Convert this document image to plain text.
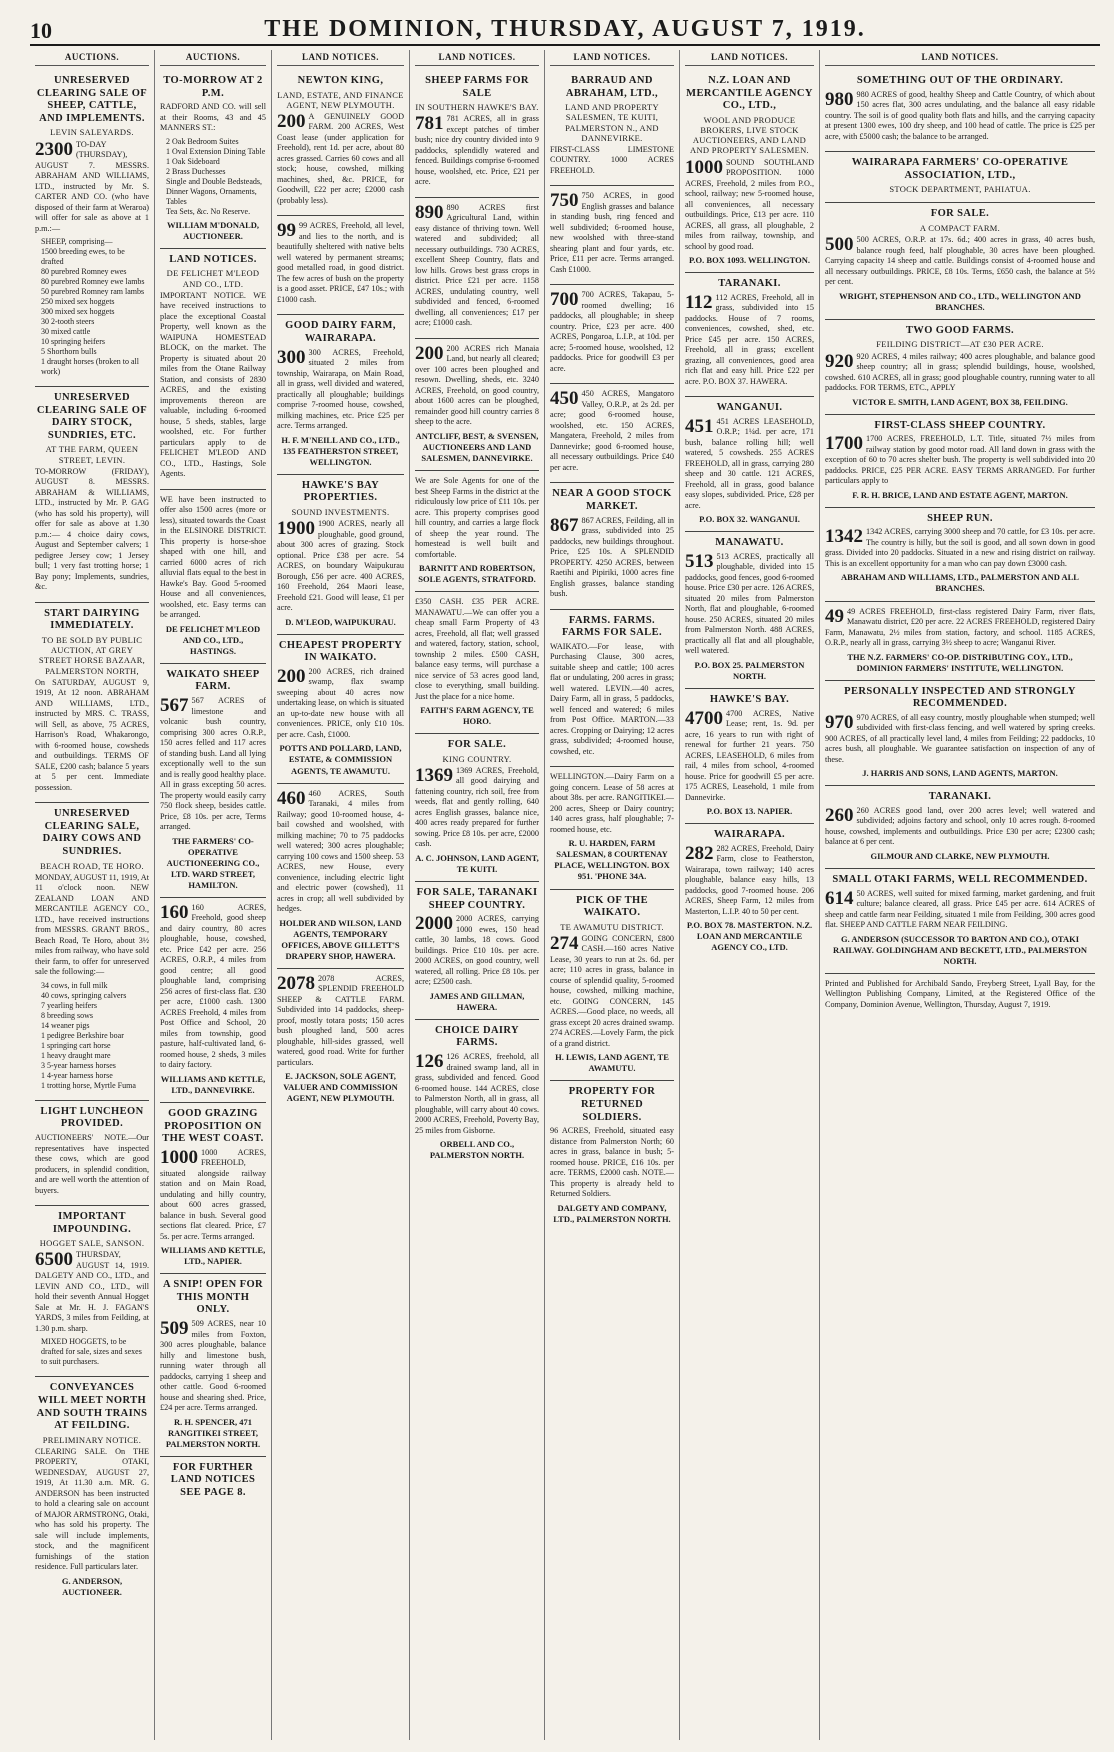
10	THE DOMINION, THURSDAY, AUGUST 7, 1919.
AUCTIONS.
UNRESERVED CLEARING SALE OF SHEEP, CATTLE, AND IMPLEMENTS.
LEVIN SALEYARDS.

2300 TO-DAY (THURSDAY), AUGUST 7. MESSRS. ABRAHAM AND WILLIAMS, LTD., instructed by Mr. S. CARTER AND CO. (who have disposed of their farm at Weraroa) will offer for sale as above at 1 p.m.:—

SHEEP, comprising—
1500 breeding ewes, to be drafted
80 purebred Romney ewes
80 purebred Romney ewe lambs
50 purebred Romney ram lambs
250 mixed sex hoggets
300 mixed sex hoggets
30 2-tooth steers
30 mixed cattle
10 springing heifers
5 Shorthorn bulls
1 draught horses (broken to all work)
UNRESERVED CLEARING SALE OF DAIRY STOCK, SUNDRIES, ETC.
AT THE FARM, QUEEN STREET, LEVIN.

TO-MORROW (FRIDAY), AUGUST 8. MESSRS. ABRAHAM & WILLIAMS, LTD., instructed by Mr. P. GAG (who has sold his property), will offer for sale as above at 1.30 p.m.:— 4 choice dairy cows, August and September calvers; 1 pedigree Jersey cow; 1 Jersey bull; 1 very fast trotting horse; 1 Bay pony; Implements, sundries, &c.

START DAIRYING IMMEDIATELY.
TO BE SOLD BY PUBLIC AUCTION, AT GREY STREET HORSE BAZAAR, PALMERSTON NORTH,

On SATURDAY, AUGUST 9, 1919, At 12 noon. ABRAHAM AND WILLIAMS, LTD., instructed by MRS. C. TRASS, will Sell, as above, 75 ACRES, Harrison's Road, Whakarongo, with 6-roomed house, cowsheds and outbuildings. TERMS OF SALE, £200 cash; balance 5 years at 5 per cent. Immediate possession.

UNRESERVED CLEARING SALE, DAIRY COWS AND SUNDRIES.
BEACH ROAD, TE HORO.

MONDAY, AUGUST 11, 1919, At 11 o'clock noon. NEW ZEALAND LOAN AND MERCANTILE AGENCY CO., LTD., have received instructions from MESSRS. GRANT BROS., Beach Road, Te Horo, about 3½ miles from railway, who have sold their farm, to offer for unreserved sale the following:—

34 cows, in full milk
40 cows, springing calvers
7 yearling heifers
8 breeding sows
14 weaner pigs
1 pedigree Berkshire boar
1 springing cart horse
1 heavy draught mare
3 5-year harness horses
1 4-year harness horse
1 trotting horse, Myrtle Fuma
LIGHT LUNCHEON PROVIDED.

AUCTIONEERS' NOTE.—Our representatives have inspected these cows, which are good producers, in splendid condition, and are well worth the attention of buyers.

IMPORTANT IMPOUNDING.
HOGGET SALE, SANSON.

6500 THURSDAY, AUGUST 14, 1919. DALGETY AND CO., LTD., and LEVIN AND CO., LTD., will hold their seventh Annual Hogget Sale at Mr. H. J. FAGAN'S YARDS, 3 miles from Feilding, at 1.30 p.m. sharp.

MIXED HOGGETS, to be drafted for sale, sizes and sexes to suit purchasers.
CONVEYANCES WILL MEET NORTH AND SOUTH TRAINS AT FEILDING.
PRELIMINARY NOTICE.

CLEARING SALE. On THE PROPERTY, OTAKI, WEDNESDAY, AUGUST 27, 1919, At 11.30 a.m. MR. G. ANDERSON has been instructed to hold a clearing sale on account of MAJOR ARMSTRONG, Otaki, who has sold his property. The sale will include implements, stock, and the magnificent furnishings of the station residence. Full particulars later.

G. ANDERSON, AUCTIONEER.
AUCTIONS.
TO-MORROW AT 2 P.M.

RADFORD AND CO. will sell at their Rooms, 43 and 45 MANNERS ST.:

2 Oak Bedroom Suites
1 Oval Extension Dining Table
1 Oak Sideboard
2 Brass Duchesses
Single and Double Bedsteads, Dinner Wagons, Ornaments, Tables
Tea Sets, &c. No Reserve.
WILLIAM M'DONALD, AUCTIONEER.
LAND NOTICES.
DE FELICHET M'LEOD AND CO., LTD.

IMPORTANT NOTICE. WE have received instructions to place the exceptional Coastal Property, well known as the WAIPUNA HOMESTEAD BLOCK, on the market. The Property is situated about 20 miles from the Otane Railway Station, and consists of 2830 ACRES, and the existing improvements thereon are valuable, including 6-roomed house, 5 sheds, stables, large woolshed, etc. For further particulars apply to de FELICHET M'LEOD AND CO., LTD., Hastings, Sole Agents.

WE have been instructed to offer also 1500 acres (more or less), situated towards the Coast in the ELSINORE DISTRICT. This property is horse-shoe shaped with one hill, and carried 6000 acres of rich alluvial flats equal to the best in Hawke's Bay. Good 5-roomed House and all conveniences, woolshed, etc. Easy terms can be arranged.

DE FELICHET M'LEOD AND CO., LTD., HASTINGS.
WAIKATO SHEEP FARM.

567 567 ACRES of limestone and volcanic bush country, comprising 300 acres O.R.P., 150 acres felled and 117 acres of standing bush. Land all lying exceptionally well to the sun and is really good healthy place. All in grass excepting 50 acres. The property would easily carry 750 flock sheep, besides cattle. Price, £8 10s. per acre, Terms arranged.

THE FARMERS' CO-OPERATIVE AUCTIONEERING CO., LTD. WARD STREET, HAMILTON.

160 160 ACRES, Freehold, good sheep and dairy country, 80 acres ploughable, house, cowshed, etc. Price £42 per acre. 256 ACRES, O.R.P., 4 miles from good centre; all good ploughable land, comprising 256 acres of first-class flat. £30 per acre, £1000 cash. 1300 ACRES Freehold, 4 miles from Post Office and School, 20 miles from township, good pasture, half-cultivated land, 6-roomed house, 2 sheds, 3 miles to dairy factory.

WILLIAMS AND KETTLE, LTD., DANNEVIRKE.
GOOD GRAZING PROPOSITION ON THE WEST COAST.

1000 1000 ACRES, FREEHOLD, situated alongside railway station and on Main Road, undulating and hilly country, about 600 acres grassed, balance in bush. Several good sections flat cleared. Price, £7 5s. per acre. Terms arranged.

WILLIAMS AND KETTLE, LTD., NAPIER.
A SNIP! OPEN FOR THIS MONTH ONLY.

509 509 ACRES, near 10 miles from Foxton, 300 acres ploughable, balance hilly and limestone bush, running water through all paddocks, carrying 1 sheep and other cattle. Good 6-roomed house and shearing shed. Price, £24 per acre. Terms arranged.

R. H. SPENCER, 471 RANGITIKEI STREET, PALMERSTON NORTH.
FOR FURTHER LAND NOTICES SEE PAGE 8.
LAND NOTICES.
NEWTON KING,
LAND, ESTATE, AND FINANCE AGENT, NEW PLYMOUTH.

200 A GENUINELY GOOD FARM. 200 ACRES, West Coast lease (under application for Freehold), rent 1d. per acre, about 80 acres grassed. Carries 60 cows and all stock; house, cowshed, milking machines, shed, &c. PRICE, for Goodwill, £22 per acre; £2000 cash (probably less).

99 99 ACRES, Freehold, all level, and lies to the north, and is beautifully sheltered with native belts well watered by permanent streams; good metalled road, in good district. The few acres of bush on the property is a good asset. PRICE, £47 10s.; with £1000 cash.

GOOD DAIRY FARM, WAIRARAPA.

300 300 ACRES, Freehold, situated 2 miles from township, Wairarapa, on Main Road, all in grass, well divided and watered, practically all ploughable; buildings comprise 7-roomed house, cowshed, milking machines, etc. Price £25 per acre. Terms arranged.

H. F. M'NEILL AND CO., LTD., 135 FEATHERSTON STREET, WELLINGTON.
HAWKE'S BAY PROPERTIES.
SOUND INVESTMENTS.

1900 1900 ACRES, nearly all ploughable, good ground, about 300 acres of grazing. Stock optional. Price £38 per acre. 54 ACRES, on boundary Waipukurau Borough, £56 per acre. 400 ACRES, 160 Freehold, 264 Maori lease, Freehold £21. Good will lease, £1 per acre.

D. M'LEOD, WAIPUKURAU.
CHEAPEST PROPERTY IN WAIKATO.

200 200 ACRES, rich drained swamp, flax swamp sweeping about 40 acres now undertaking lease, on which is situated an up-to-date new house with all conveniences. PRICE, only £10 10s. per acre. Cash, £1000.

POTTS AND POLLARD, LAND, ESTATE, & COMMISSION AGENTS, TE AWAMUTU.

460 460 ACRES, South Taranaki, 4 miles from Railway; good 10-roomed house, 4-bail cowshed and woolshed, with milking machine; 70 to 75 paddocks well watered; 300 acres ploughable; carrying 100 cows and 1500 sheep. 53 ACRES, new House, every convenience, including electric light and electric power (cowshed), 11 acres in crop; all well subdivided by hedges.

HOLDER AND WILSON, LAND AGENTS, TEMPORARY OFFICES, ABOVE GILLETT'S DRAPERY SHOP, HAWERA.

2078 2078 ACRES, SPLENDID FREEHOLD SHEEP & CATTLE FARM. Subdivided into 14 paddocks, sheep-proof, mostly totara posts; 150 acres bush ploughed land, 500 acres ploughable, hill-sides grassed, well watered, good road. Write for further particulars.

E. JACKSON, SOLE AGENT, VALUER AND COMMISSION AGENT, NEW PLYMOUTH.
LAND NOTICES.
SHEEP FARMS FOR SALE
IN SOUTHERN HAWKE'S BAY.

781 781 ACRES, all in grass except patches of timber bush; nice dry country divided into 9 paddocks, splendidly watered and fenced. Buildings comprise 6-roomed house, woolshed, etc. Price, £21 per acre.

890 890 ACRES first Agricultural Land, within easy distance of thriving town. Well watered and subdivided; all necessary outbuildings. 730 ACRES, excellent Sheep Country, flats and low hills. Grows best grass crops in district. Price £21 per acre. 1158 ACRES, undulating country, well subdivided and fenced, 6-roomed dwelling, all conveniences; £17 per acre; £1000 cash.

200 200 ACRES rich Manaia Land, but nearly all cleared; over 100 acres been ploughed and resown. Dwelling, sheds, etc. 3240 ACRES, Freehold, on good country, about 1600 acres can be ploughed, remainder good hill country carries 8 sheep to the acre.

ANTCLIFF, BEST, & SVENSEN, AUCTIONEERS AND LAND SALESMEN, DANNEVIRKE.

We are Sole Agents for one of the best Sheep Farms in the district at the ridiculously low price of £11 10s. per acre. This property comprises good hill country, and carries a large flock of sheep the year round. The homestead is well built and comfortable.

BARNITT AND ROBERTSON, SOLE AGENTS, STRATFORD.

£350 CASH. £35 PER ACRE. MANAWATU.—We can offer you a cheap small Farm Property of 43 acres, Freehold, all flat; well grassed and watered, factory, station, school, township 2 miles. £500 CASH, balance easy terms, will purchase a nice service of 53 acres good land, close to everything, small building. Just the place for a nice home.

FAITH'S FARM AGENCY, TE HORO.
FOR SALE.
KING COUNTRY.

1369 1369 ACRES, Freehold, all good dairying and fattening country, rich soil, free from weeds, flat and gently rolling, 640 acres English grasses, balance nice, 400 acres ready prepared for further sowing. Price £8 10s. per acre, £2000 cash.

A. C. JOHNSON, LAND AGENT, TE KUITI.
FOR SALE, TARANAKI SHEEP COUNTRY.

2000 2000 ACRES, carrying 1000 ewes, 150 head cattle, 30 lambs, 18 cows. Good buildings. Price £10 10s. per acre. 2000 ACRES, on good country, well watered, all rolling. Price £8 10s. per acre; £2500 cash.

JAMES AND GILLMAN, HAWERA.
CHOICE DAIRY FARMS.

126 126 ACRES, freehold, all drained swamp land, all in grass, subdivided and fenced. Good 6-roomed house. 144 ACRES, close to Palmerston North, all in grass, all ploughable, will carry about 40 cows. 2000 ACRES, Freehold, Poverty Bay, 25 miles from Gisborne.

ORBELL AND CO., PALMERSTON NORTH.
LAND NOTICES.
BARRAUD AND ABRAHAM, LTD.,
LAND AND PROPERTY SALESMEN, TE KUITI, PALMERSTON N., AND DANNEVIRKE.

FIRST-CLASS LIMESTONE COUNTRY. 1000 ACRES FREEHOLD.

750 750 ACRES, in good English grasses and balance in standing bush, ring fenced and well subdivided; 6-roomed house, new woolshed with three-stand shearing plant and four yards, etc. Price, £11 per acre. Terms arranged. Cash £1000.

700 700 ACRES, Takapau, 5-roomed dwelling; 16 paddocks, all ploughable; in sheep country. Price, £23 per acre. 400 ACRES, Pongaroa, L.I.P., at 10d. per acre; 5-roomed house, woolshed, 12 paddocks. Price for goodwill £3 per acre.

450 450 ACRES, Mangatoro Valley, O.R.P., at 2s 2d. per acre; good 6-roomed house, woolshed, etc. 150 ACRES, Mangatera, Freehold, 2 miles from Dannevirke; good 6-roomed house, all necessary outbuildings. Price £40 per acre.

NEAR A GOOD STOCK MARKET.

867 867 ACRES, Feilding, all in grass, subdivided into 25 paddocks, new buildings throughout. Price, £25 10s. A SPLENDID PROPERTY. 4250 ACRES, between Raetihi and Pipiriki, 1000 acres fine English grasses, balance standing bush.

FARMS. FARMS. FARMS FOR SALE.

WAIKATO.—For lease, with Purchasing Clause, 300 acres, suitable sheep and cattle; 100 acres flat or undulating, 200 acres in grass; well watered. LEVIN.—40 acres, Dairy Farm, all in grass, 5 paddocks, well fenced and watered; 6 miles from Post Office. MARTON.—33 acres. Cropping or Dairying; 12 acres grass, subdivided; 4-roomed house, cowshed, etc.

WELLINGTON.—Dairy Farm on a going concern. Lease of 58 acres at about 38s. per acre. RANGITIKEI.—200 acres, Sheep or Dairy country; 140 acres grass, half ploughable; 7-roomed house, etc.

R. U. HARDEN, FARM SALESMAN, 8 COURTENAY PLACE, WELLINGTON. BOX 951. 'PHONE 34A.
PICK OF THE WAIKATO.
TE AWAMUTU DISTRICT.

274 GOING CONCERN, £800 CASH.—160 acres Native Lease, 30 years to run at 2s. 6d. per acre; 110 acres in grass, balance in course of splendid quality, 5-roomed house, cowshed, milking machine, etc. GOING CONCERN, 145 ACRES.—Good place, no weeds, all grass except 20 acres drained swamp. 274 ACRES.—Lovely Farm, the pick of a grand district.

H. LEWIS, LAND AGENT, TE AWAMUTU.
PROPERTY FOR RETURNED SOLDIERS.

96 ACRES, Freehold, situated easy distance from Palmerston North; 60 acres in grass, balance in bush; 5-roomed house. PRICE, £16 10s. per acre. TERMS, £2000 cash. NOTE.—This property is already held to Returned Soldiers.

DALGETY AND COMPANY, LTD., PALMERSTON NORTH.
LAND NOTICES.
N.Z. LOAN AND MERCANTILE AGENCY CO., LTD.,
WOOL AND PRODUCE BROKERS, LIVE STOCK AUCTIONEERS, AND LAND AND PROPERTY SALESMEN.

1000 SOUND SOUTHLAND PROPOSITION. 1000 ACRES, Freehold, 2 miles from P.O., school, railway; new 5-roomed house, all conveniences, all necessary outbuildings. Price, £13 per acre. 110 ACRES, all grass, all ploughable, 2 miles from railway, township, and school by good road.

P.O. BOX 1093. WELLINGTON.
TARANAKI.

112 112 ACRES, Freehold, all in grass, subdivided into 15 paddocks. House of 7 rooms, conveniences, cowshed, shed, etc. Price £45 per acre. 150 ACRES, Freehold, all in grass; excellent grazing, all conveniences, good area rich flat and easy hill. Price £22 per acre. P.O. BOX 37. HAWERA.

WANGANUI.

451 451 ACRES LEASEHOLD, O.R.P.; 1¼d. per acre, 171 bush, balance rolling hill; well watered, 5 cowsheds. 255 ACRES FREEHOLD, all in grass, carrying 280 sheep and 30 cattle. 121 ACRES, Freehold, all in grass, good balance easy slopes, subdivided. Price, £28 per acre.

P.O. BOX 32. WANGANUI.
MANAWATU.

513 513 ACRES, practically all ploughable, divided into 15 paddocks, good fences, good 6-roomed house. Price £30 per acre. 126 ACRES, situated 20 miles from Palmerston North, flat and ploughable, 6-roomed house. 250 ACRES, situated 20 miles from Palmerston North. 488 ACRES, practically all flat and all ploughable, well watered.

P.O. BOX 25. PALMERSTON NORTH.
HAWKE'S BAY.

4700 4700 ACRES, Native Lease; rent, 1s. 9d. per acre, 16 years to run with right of renewal for further 21 years. 750 ACRES, LEASEHOLD, 6 miles from rail, 4 miles from school, 4-roomed house. Price for goodwill £5 per acre. 175 ACRES, Leasehold, 1 mile from Dannevirke.

P.O. BOX 13. NAPIER.
WAIRARAPA.

282 282 ACRES, Freehold, Dairy Farm, close to Featherston, Wairarapa, town railway; 140 acres ploughable, balance easy hills, 13 paddocks, good 7-roomed house. 206 ACRES, Sheep Farm, 12 miles from Masterton, L.I.P. 40 to 50 per cent.

P.O. BOX 78. MASTERTON. N.Z. LOAN AND MERCANTILE AGENCY CO., LTD.
LAND NOTICES.
SOMETHING OUT OF THE ORDINARY.

980 980 ACRES of good, healthy Sheep and Cattle Country, of which about 150 acres flat, 300 acres undulating, and the balance all easy ridable country. The soil is of good quality both flats and hills, and the carrying capacity at present 1300 ewes, 100 dry sheep, and 100 head of cattle. The price is £25 per acre, with £5000 cash; the balance to be arranged.

WAIRARAPA FARMERS' CO-OPERATIVE ASSOCIATION, LTD.,
STOCK DEPARTMENT, PAHIATUA.
FOR SALE.
A COMPACT FARM.

500 500 ACRES, O.R.P. at 17s. 6d.; 400 acres in grass, 40 acres bush, balance rough feed, half ploughable, 30 acres have been ploughed. Carrying capacity 14 sheep and cattle. Buildings consist of 4-roomed house and all necessary outbuildings. PRICE, £8 10s. Terms, £650 cash, the balance at 5½ per cent.

WRIGHT, STEPHENSON AND CO., LTD., WELLINGTON AND BRANCHES.
TWO GOOD FARMS.
FEILDING DISTRICT—AT £30 PER ACRE.

920 920 ACRES, 4 miles railway; 400 acres ploughable, and balance good sheep country; all in grass; splendid buildings, house, woolshed, cowshed. 610 ACRES, all in grass; good ploughable country, running water to all paddocks. FOR TERMS, ETC., APPLY

VICTOR E. SMITH, LAND AGENT, BOX 38, FEILDING.
FIRST-CLASS SHEEP COUNTRY.

1700 1700 ACRES, FREEHOLD, L.T. Title, situated 7½ miles from railway station by good motor road. All land down in grass with the exception of 60 to 70 acres shelter bush. The property is well subdivided into 20 paddocks. PRICE, £25 PER ACRE. EASY TERMS ARRANGED. For further particulars apply to

F. R. H. BRICE, LAND AND ESTATE AGENT, MARTON.
SHEEP RUN.

1342 1342 ACRES, carrying 3000 sheep and 70 cattle, for £3 10s. per acre. The country is hilly, but the soil is good, and all sown down in good grass. Divided into 20 paddocks. Situated in a new and rising district on railway. This is an excellent opportunity for a man who can pay down £3000 cash.

ABRAHAM AND WILLIAMS, LTD., PALMERSTON AND ALL BRANCHES.

49 49 ACRES FREEHOLD, first-class registered Dairy Farm, river flats, Manawatu district, £20 per acre. 22 ACRES FREEHOLD, registered Dairy Farm, Manawatu, 2½ miles from station, factory, and school. 1185 ACRES, O.R.P., nearly all in grass, carrying 3½ sheep to acre; Wanganui River.

THE N.Z. FARMERS' CO-OP. DISTRIBUTING COY., LTD., DOMINION FARMERS' INSTITUTE, WELLINGTON.
PERSONALLY INSPECTED AND STRONGLY RECOMMENDED.

970 970 ACRES, of all easy country, mostly ploughable when stumped; well subdivided with first-class fencing, and well watered by spring creeks. 900 ACRES, of all practically level land, 4 miles from Feilding; 22 paddocks, 10 acres bush, all ploughable. We guarantee satisfaction on inspection of any of these.

J. HARRIS AND SONS, LAND AGENTS, MARTON.
TARANAKI.

260 260 ACRES good land, over 200 acres level; well watered and subdivided; adjoins factory and school, only 10 acres rough. 8-roomed house, cowshed, implements and outbuildings. Price £30 per acre; £2300 cash; balance at 6 per cent.

GILMOUR AND CLARKE, NEW PLYMOUTH.
SMALL OTAKI FARMS, WELL RECOMMENDED.

614 50 ACRES, well suited for mixed farming, market gardening, and fruit culture; balance cleared, all grass. Price £45 per acre. 614 ACRES of sheep and cattle farm near Feilding, situated 1 mile from Feilding, 300 acres good flat. SHEEP AND CATTLE FARM NEAR FEILDING.

G. ANDERSON (SUCCESSOR TO BARTON AND CO.), OTAKI RAILWAY. GOLDINGHAM AND BECKETT, LTD., PALMERSTON NORTH.

Printed and Published for Archibald Sando, Freyberg Street, Lyall Bay, for the Wellington Publishing Company, Limited, at the Registered Office of the Company, Dominion Avenue, Wellington, Thursday, August 7, 1919.
